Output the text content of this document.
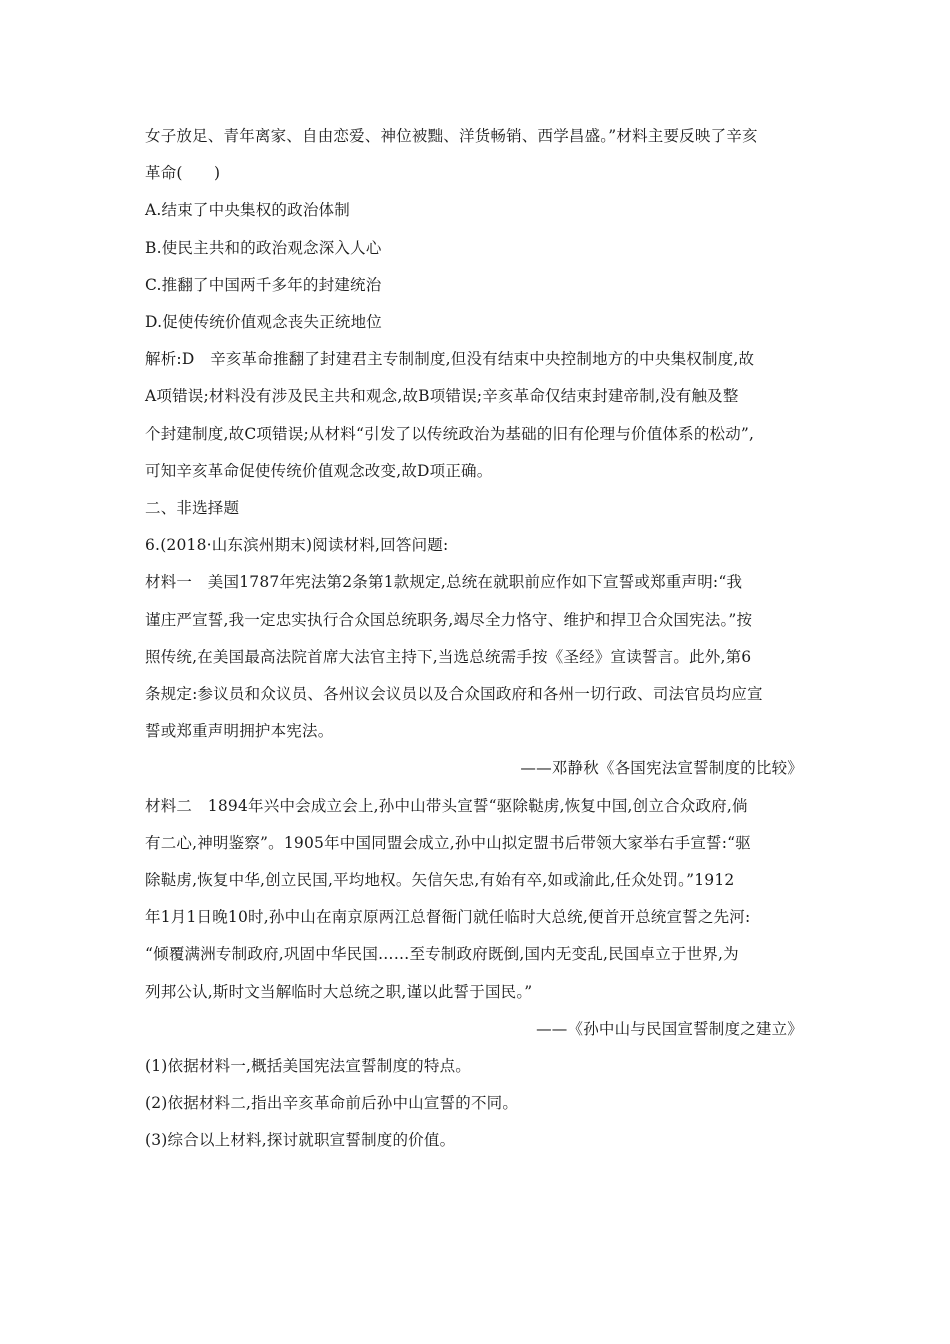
女子放足、青年离家、自由恋爱、神位被黜、洋货畅销、西学昌盛。”材料主要反映了辛亥
革命(　　)
A.结束了中央集权的政治体制
B.使民主共和的政治观念深入人心
C.推翻了中国两千多年的封建统治
D.促使传统价值观念丧失正统地位
解析:D　辛亥革命推翻了封建君主专制制度,但没有结束中央控制地方的中央集权制度,故
A项错误;材料没有涉及民主共和观念,故B项错误;辛亥革命仅结束封建帝制,没有触及整
个封建制度,故C项错误;从材料“引发了以传统政治为基础的旧有伦理与价值体系的松动”,
可知辛亥革命促使传统价值观念改变,故D项正确。
二、非选择题
6.(2018·山东滨州期末)阅读材料,回答问题:
材料一　美国1787年宪法第2条第1款规定,总统在就职前应作如下宣誓或郑重声明:“我
谨庄严宣誓,我一定忠实执行合众国总统职务,竭尽全力恪守、维护和捍卫合众国宪法。”按
照传统,在美国最高法院首席大法官主持下,当选总统需手按《圣经》宣读誓言。此外,第6
条规定:参议员和众议员、各州议会议员以及合众国政府和各州一切行政、司法官员均应宣
誓或郑重声明拥护本宪法。
——邓静秋《各国宪法宣誓制度的比较》
材料二　1894年兴中会成立会上,孙中山带头宣誓“驱除鞑虏,恢复中国,创立合众政府,倘
有二心,神明鉴察”。1905年中国同盟会成立,孙中山拟定盟书后带领大家举右手宣誓:“驱
除鞑虏,恢复中华,创立民国,平均地权。矢信矢忠,有始有卒,如或渝此,任众处罚。”1912
年1月1日晚10时,孙中山在南京原两江总督衙门就任临时大总统,便首开总统宣誓之先河:
“倾覆满洲专制政府,巩固中华民国……至专制政府既倒,国内无变乱,民国卓立于世界,为
列邦公认,斯时文当解临时大总统之职,谨以此誓于国民。”
——《孙中山与民国宣誓制度之建立》
(1)依据材料一,概括美国宪法宣誓制度的特点。
(2)依据材料二,指出辛亥革命前后孙中山宣誓的不同。
(3)综合以上材料,探讨就职宣誓制度的价值。
